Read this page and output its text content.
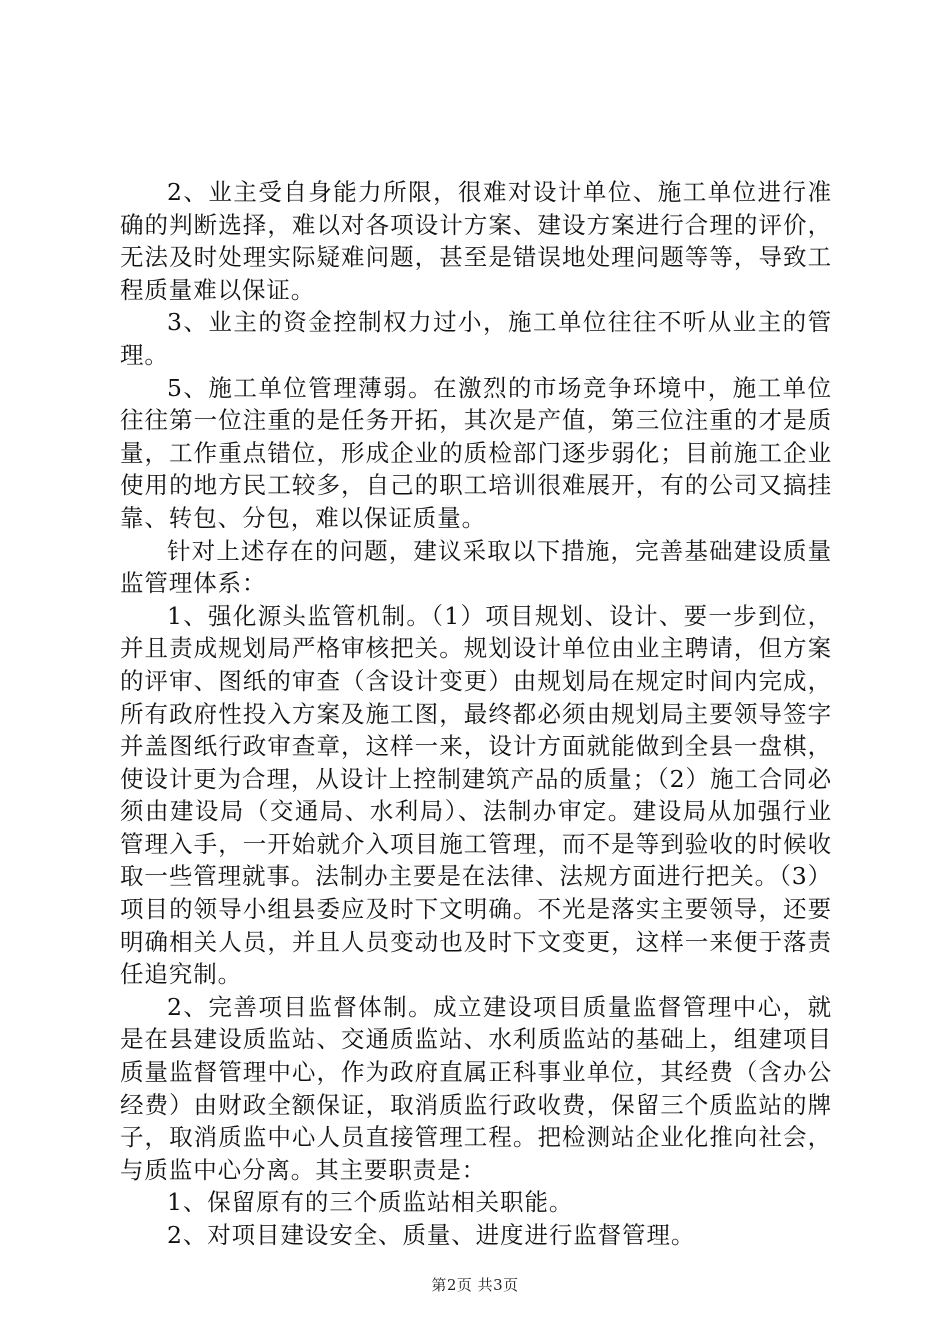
2、业主受自身能力所限，很难对设计单位、施工单位进行准确的判断选择，难以对各项设计方案、建设方案进行合理的评价，无法及时处理实际疑难问题，甚至是错误地处理问题等等，导致工程质量难以保证。

3、业主的资金控制权力过小，施工单位往往不听从业主的管理。

5、施工单位管理薄弱。在激烈的市场竞争环境中，施工单位往往第一位注重的是任务开拓，其次是产值，第三位注重的才是质量，工作重点错位，形成企业的质检部门逐步弱化；目前施工企业使用的地方民工较多，自己的职工培训很难展开，有的公司又搞挂靠、转包、分包，难以保证质量。

针对上述存在的问题，建议采取以下措施，完善基础建设质量监管理体系：

1、强化源头监管机制。（1）项目规划、设计、要一步到位，并且责成规划局严格审核把关。规划设计单位由业主聘请，但方案的评审、图纸的审查（含设计变更）由规划局在规定时间内完成，所有政府性投入方案及施工图，最终都必须由规划局主要领导签字并盖图纸行政审查章，这样一来，设计方面就能做到全县一盘棋，使设计更为合理，从设计上控制建筑产品的质量；（2）施工合同必须由建设局（交通局、水利局）、法制办审定。建设局从加强行业管理入手，一开始就介入项目施工管理，而不是等到验收的时候收取一些管理就事。法制办主要是在法律、法规方面进行把关。（3）项目的领导小组县委应及时下文明确。不光是落实主要领导，还要明确相关人员，并且人员变动也及时下文变更，这样一来便于落责任追究制。

2、完善项目监督体制。成立建设项目质量监督管理中心，就是在县建设质监站、交通质监站、水利质监站的基础上，组建项目质量监督管理中心，作为政府直属正科事业单位，其经费（含办公经费）由财政全额保证，取消质监行政收费，保留三个质监站的牌子，取消质监中心人员直接管理工程。把检测站企业化推向社会，与质监中心分离。其主要职责是：

1、保留原有的三个质监站相关职能。

2、对项目建设安全、质量、进度进行监督管理。

第2页 共3页
